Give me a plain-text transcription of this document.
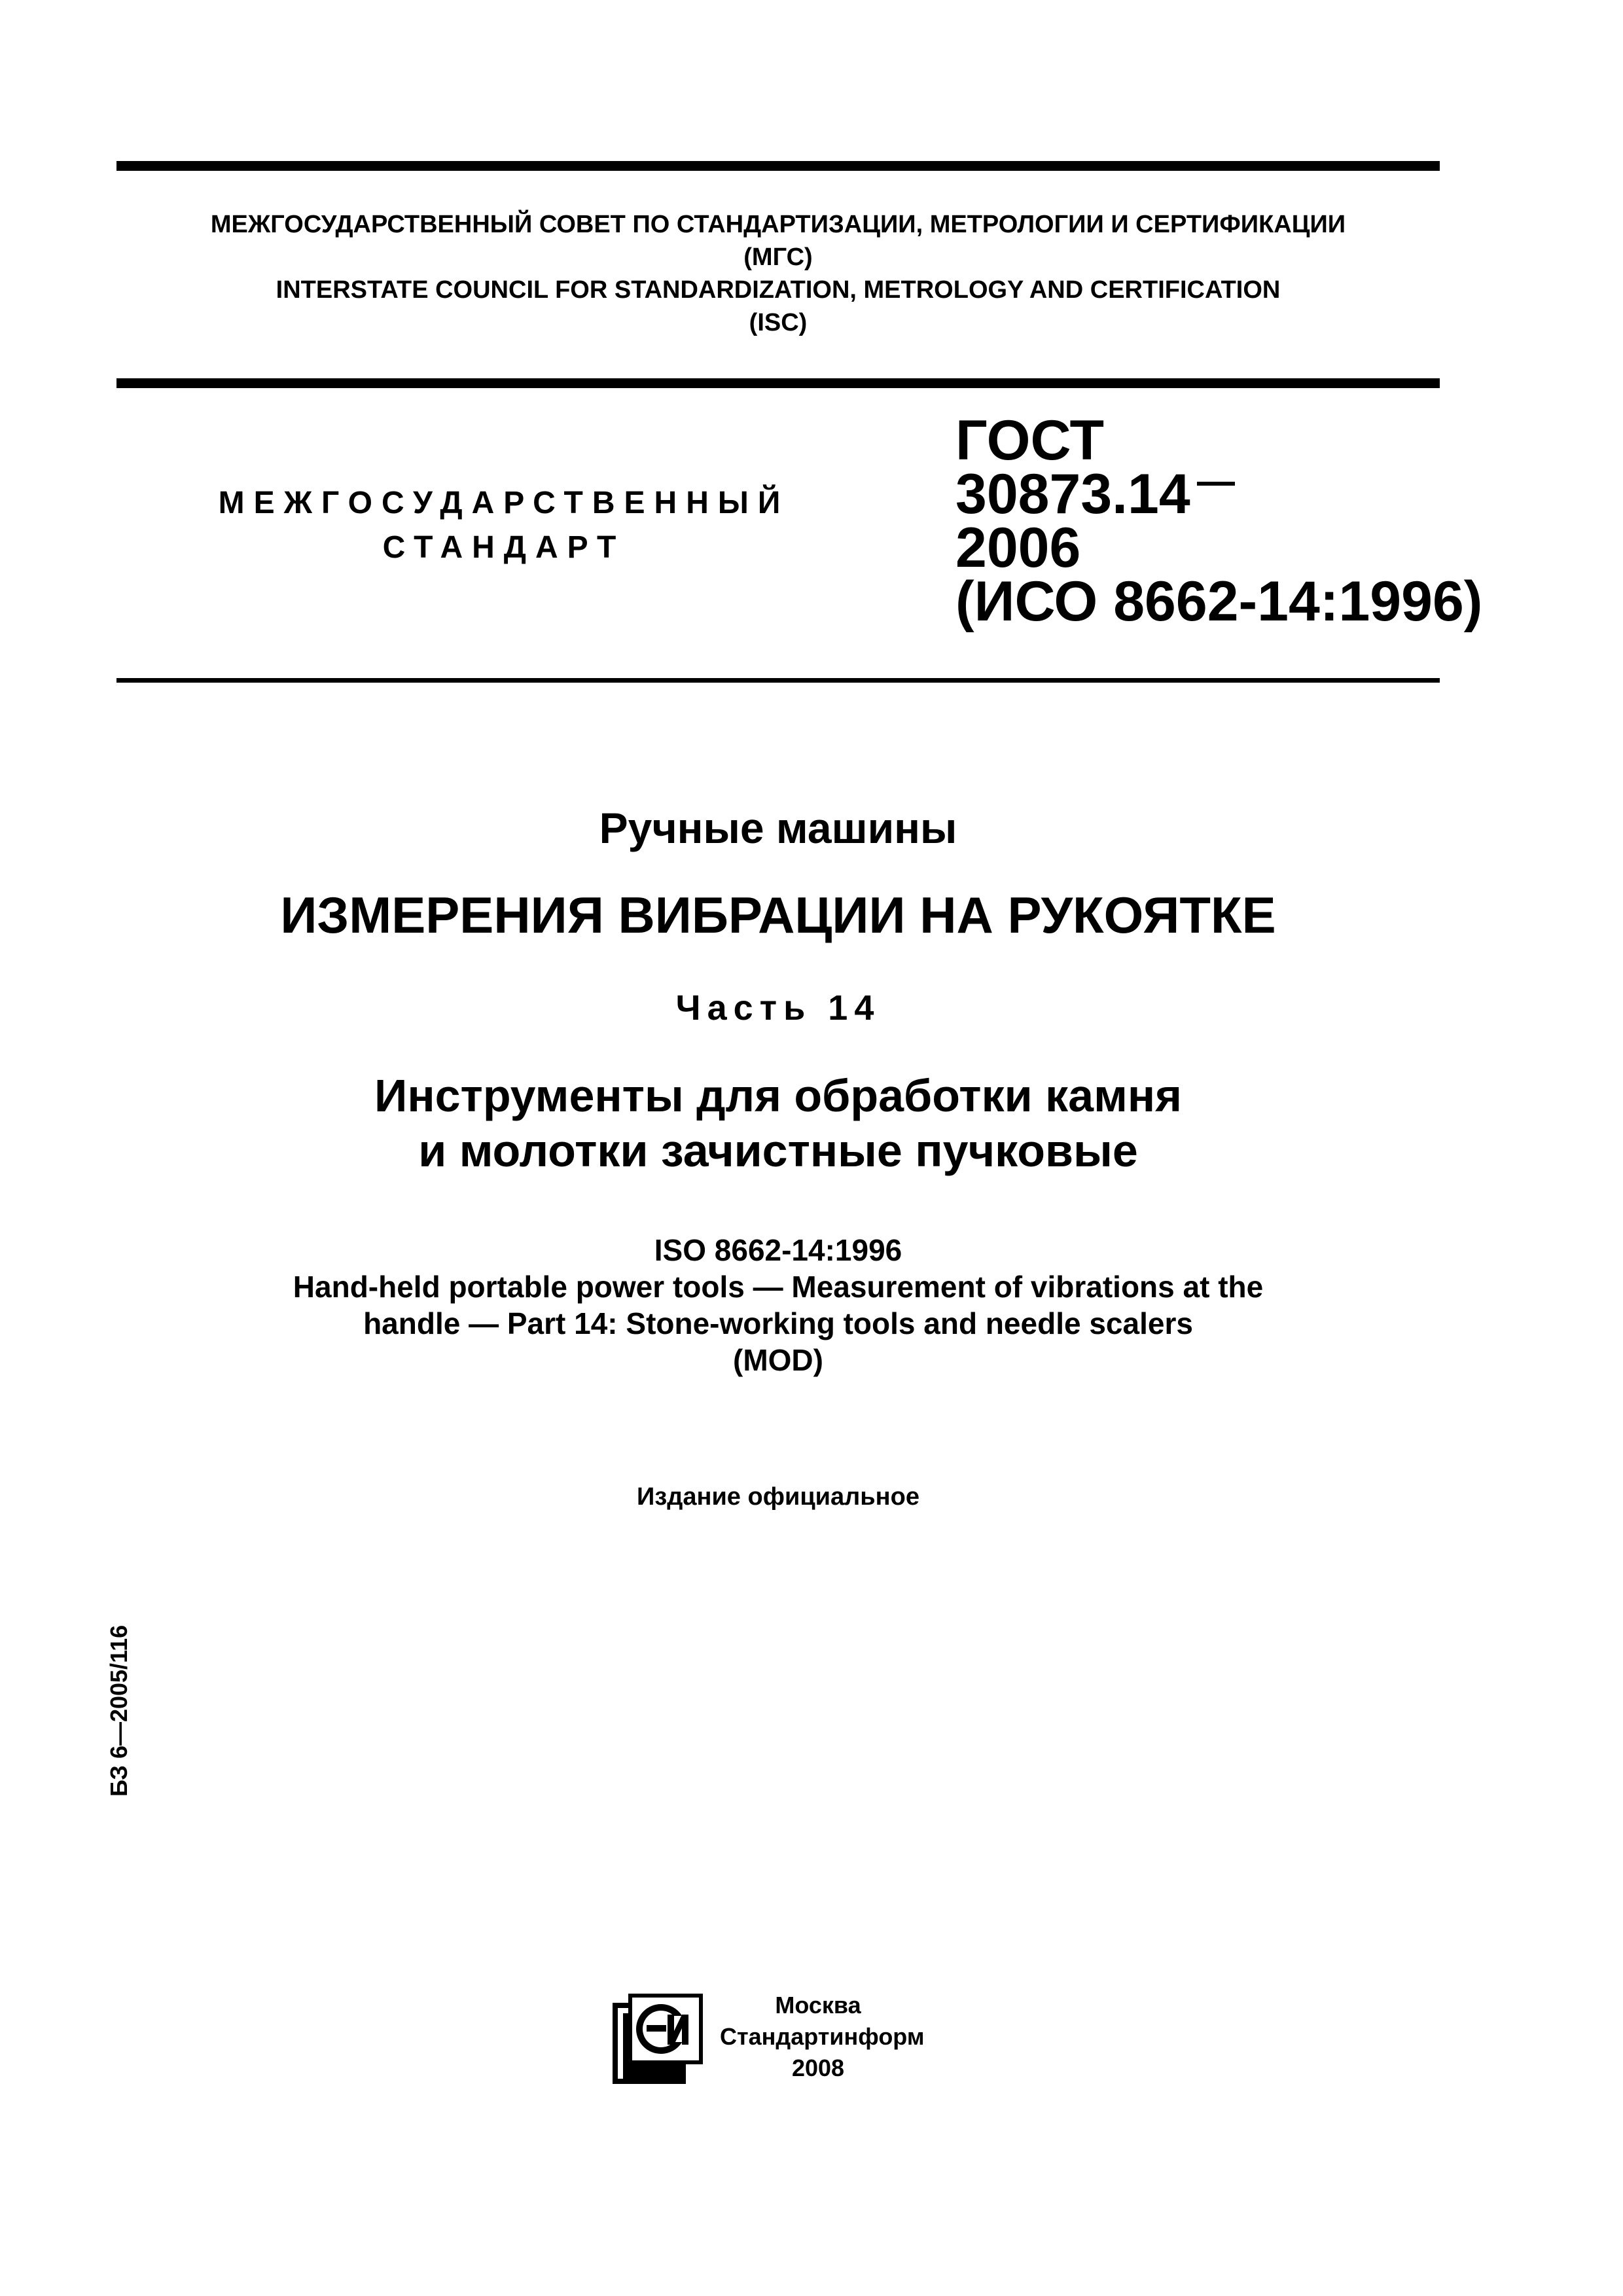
МЕЖГОСУДАРСТВЕННЫЙ СОВЕТ ПО СТАНДАРТИЗАЦИИ, МЕТРОЛОГИИ И СЕРТИФИКАЦИИ
(МГС)
INTERSTATE COUNCIL FOR STANDARDIZATION, METROLOGY AND CERTIFICATION
(ISC)
МЕЖГОСУДАРСТВЕННЫЙ
СТАНДАРТ
ГОСТ
30873.14
2006
(ИСО 8662-14:1996)
Ручные машины
ИЗМЕРЕНИЯ ВИБРАЦИИ НА РУКОЯТКЕ
Часть 14
Инструменты для обработки камня
и молотки зачистные пучковые
ISO 8662-14:1996
Hand-held portable power tools — Measurement of vibrations at the
handle — Part 14: Stone-working tools and needle scalers
(MOD)
Издание официальное
БЗ 6—2005/116
Москва
Стандартинформ
2008
